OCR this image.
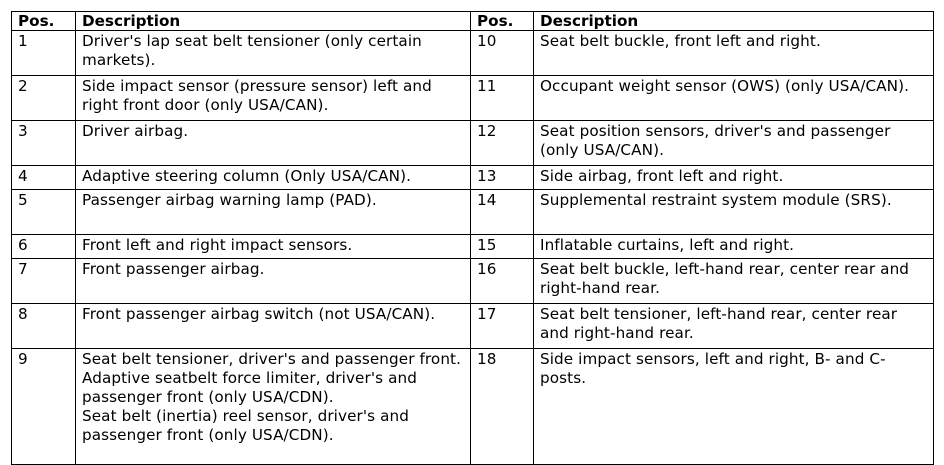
Pos.	Description	Pos.	Description
1	Driver's lap seat belt tensioner (only certain markets).	10	Seat belt buckle, front left and right.
2	Side impact sensor (pressure sensor) left and right front door (only USA/CAN).	11	Occupant weight sensor (OWS) (only USA/CAN).
3	Driver airbag.	12	Seat position sensors, driver's and passenger (only USA/CAN).
4	Adaptive steering column (Only USA/CAN).	13	Side airbag, front left and right.
5	Passenger airbag warning lamp (PAD).	14	Supplemental restraint system module (SRS).
6	Front left and right impact sensors.	15	Inflatable curtains, left and right.
7	Front passenger airbag.	16	Seat belt buckle, left-hand rear, center rear and right-hand rear.
8	Front passenger airbag switch (not USA/CAN).	17	Seat belt tensioner, left-hand rear, center rear and right-hand rear.
9	Seat belt tensioner, driver's and passenger front.
Adaptive seatbelt force limiter, driver's and passenger front (only USA/CDN).
Seat belt (inertia) reel sensor, driver's and passenger front (only USA/CDN).	18	Side impact sensors, left and right, B- and C-posts.
